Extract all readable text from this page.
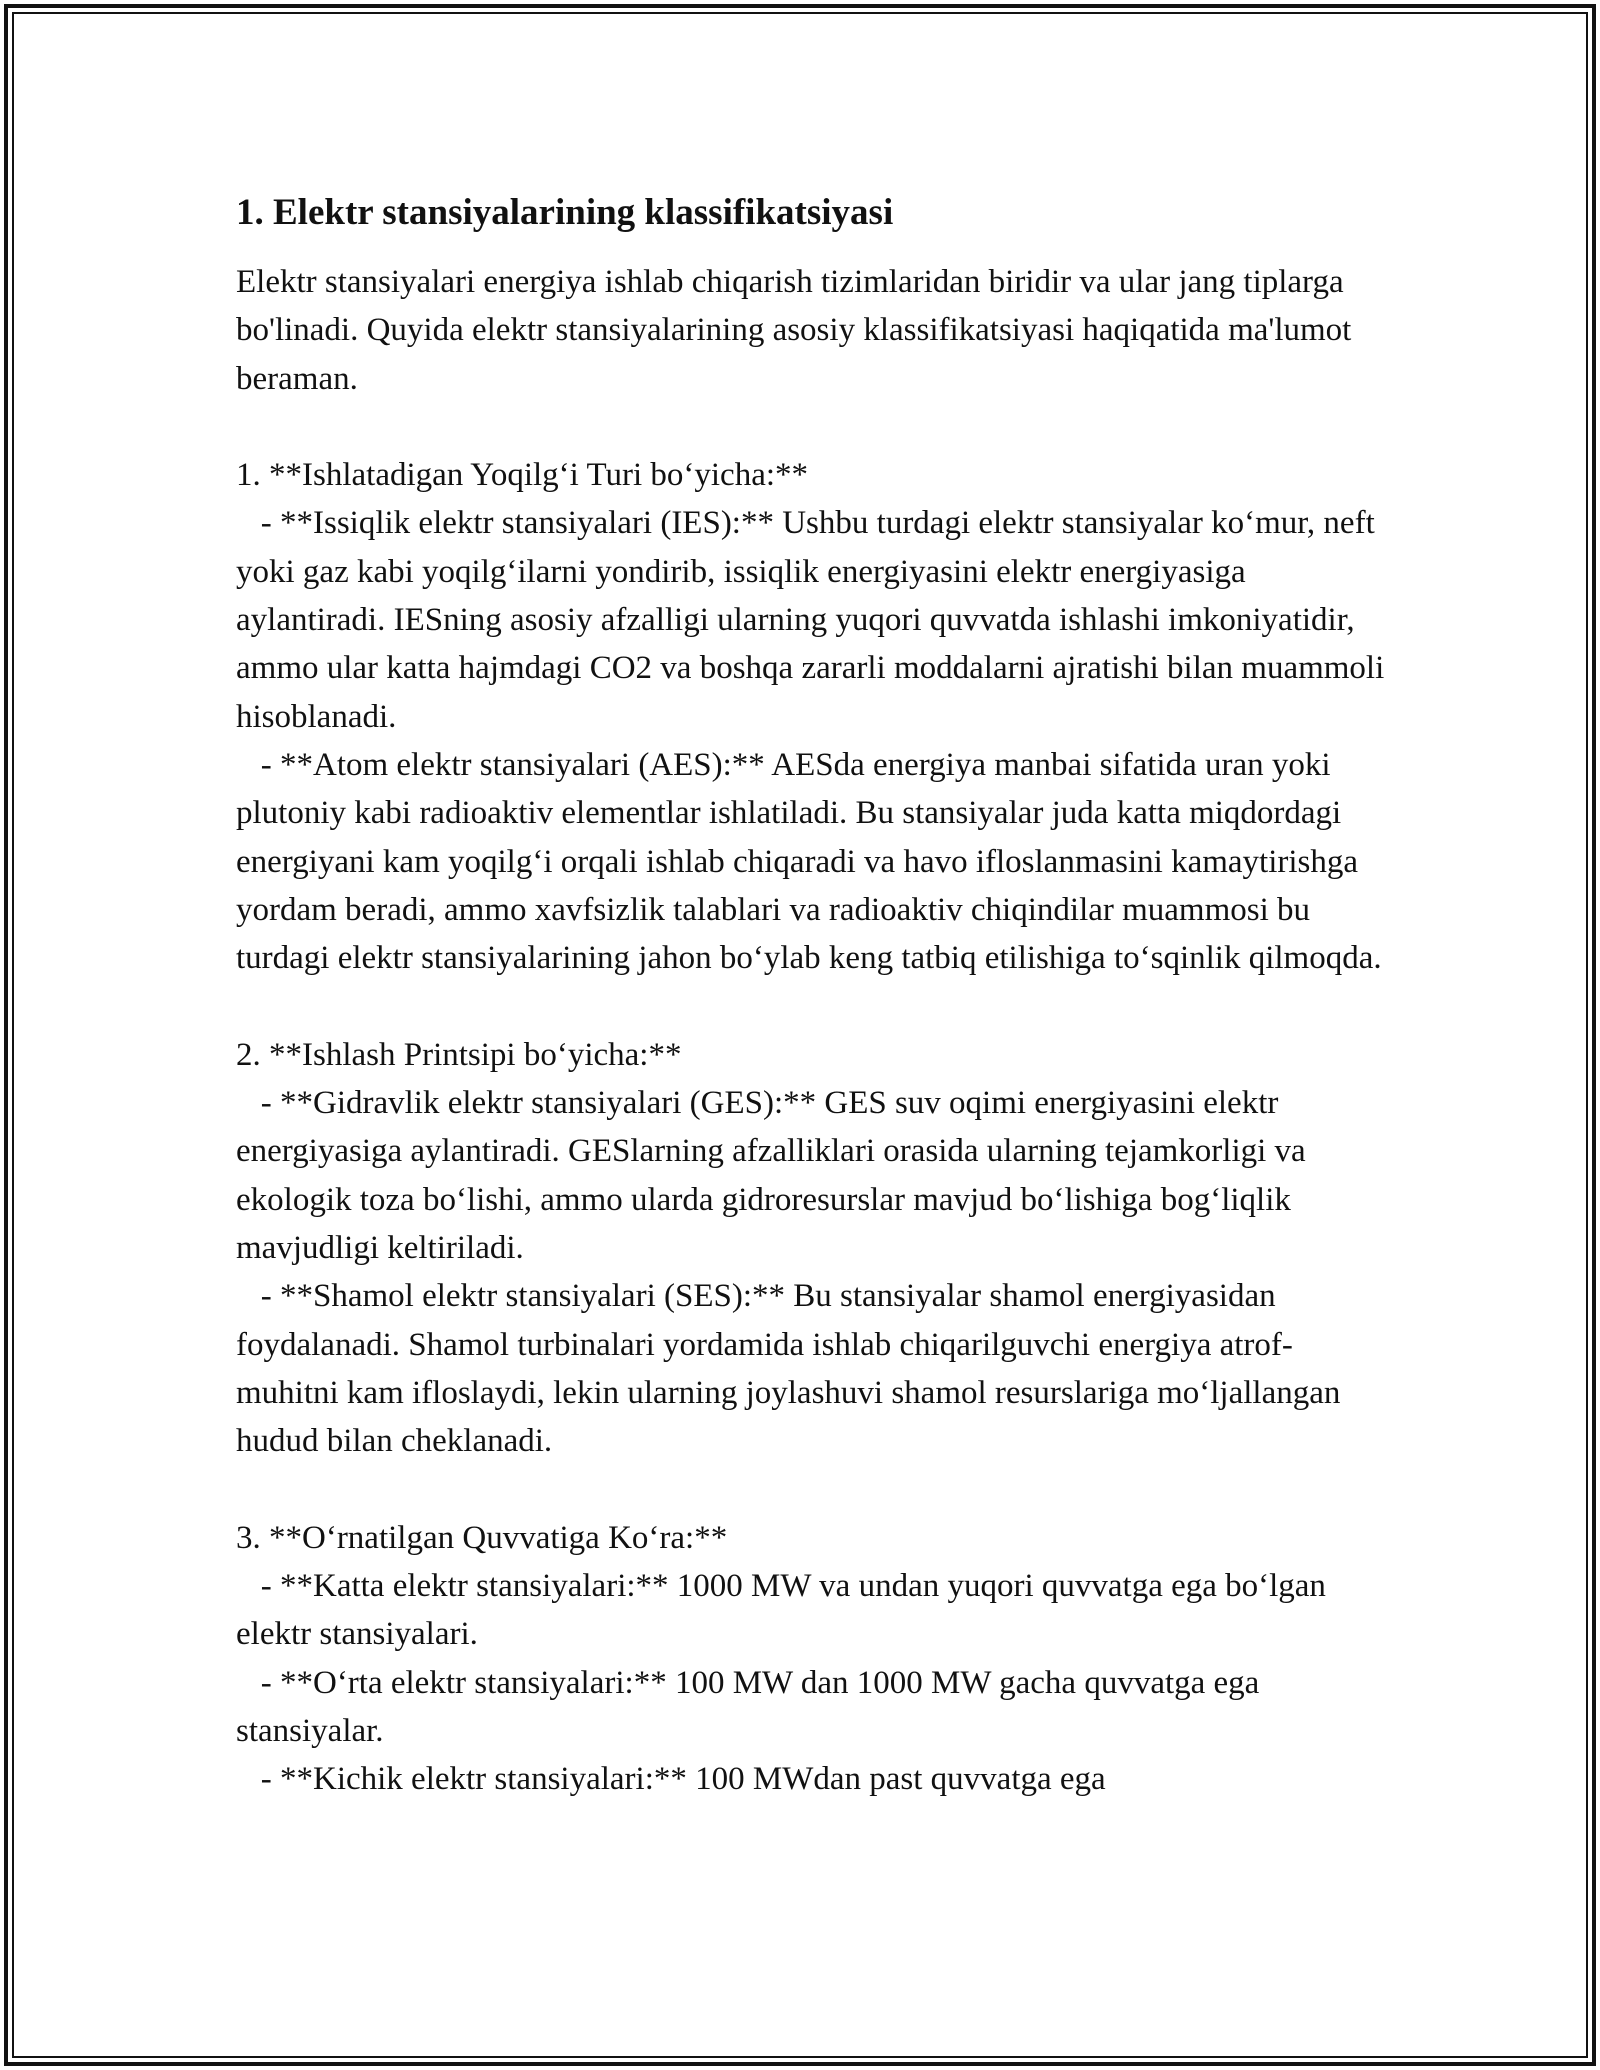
1. Elektr stansiyalarining klassifikatsiyasi

Elektr stansiyalari energiya ishlab chiqarish tizimlaridan biridir va ular jang tiplarga bo'linadi. Quyida elektr stansiyalarining asosiy klassifikatsiyasi haqiqatida ma'lumot beraman.

1. **Ishlatadigan Yoqilg‘i Turi bo‘yicha:**

- **Issiqlik elektr stansiyalari (IES):** Ushbu turdagi elektr stansiyalar ko‘mur, neft yoki gaz kabi yoqilg‘ilarni yondirib, issiqlik energiyasini elektr energiyasiga aylantiradi. IESning asosiy afzalligi ularning yuqori quvvatda ishlashi imkoniyatidir, ammo ular katta hajmdagi CO2 va boshqa zararli moddalarni ajratishi bilan muammoli hisoblanadi.

- **Atom elektr stansiyalari (AES):** AESda energiya manbai sifatida uran yoki plutoniy kabi radioaktiv elementlar ishlatiladi. Bu stansiyalar juda katta miqdordagi energiyani kam yoqilg‘i orqali ishlab chiqaradi va havo ifloslanmasini kamaytirishga yordam beradi, ammo xavfsizlik talablari va radioaktiv chiqindilar muammosi bu turdagi elektr stansiyalarining jahon bo‘ylab keng tatbiq etilishiga to‘sqinlik qilmoqda.

2. **Ishlash Printsipi bo‘yicha:**

- **Gidravlik elektr stansiyalari (GES):** GES suv oqimi energiyasini elektr energiyasiga aylantiradi. GESlarning afzalliklari orasida ularning tejamkorligi va ekologik toza bo‘lishi, ammo ularda gidroresurslar mavjud bo‘lishiga bog‘liqlik mavjudligi keltiriladi.

- **Shamol elektr stansiyalari (SES):** Bu stansiyalar shamol energiyasidan foydalanadi. Shamol turbinalari yordamida ishlab chiqarilguvchi energiya atrof-muhitni kam ifloslaydi, lekin ularning joylashuvi shamol resurslariga mo‘ljallangan hudud bilan cheklanadi.

3. **O‘rnatilgan Quvvatiga Ko‘ra:**

- **Katta elektr stansiyalari:** 1000 MW va undan yuqori quvvatga ega bo‘lgan elektr stansiyalari.

- **O‘rta elektr stansiyalari:** 100 MW dan 1000 MW gacha quvvatga ega stansiyalar.

- **Kichik elektr stansiyalari:** 100 MWdan past quvvatga ega
